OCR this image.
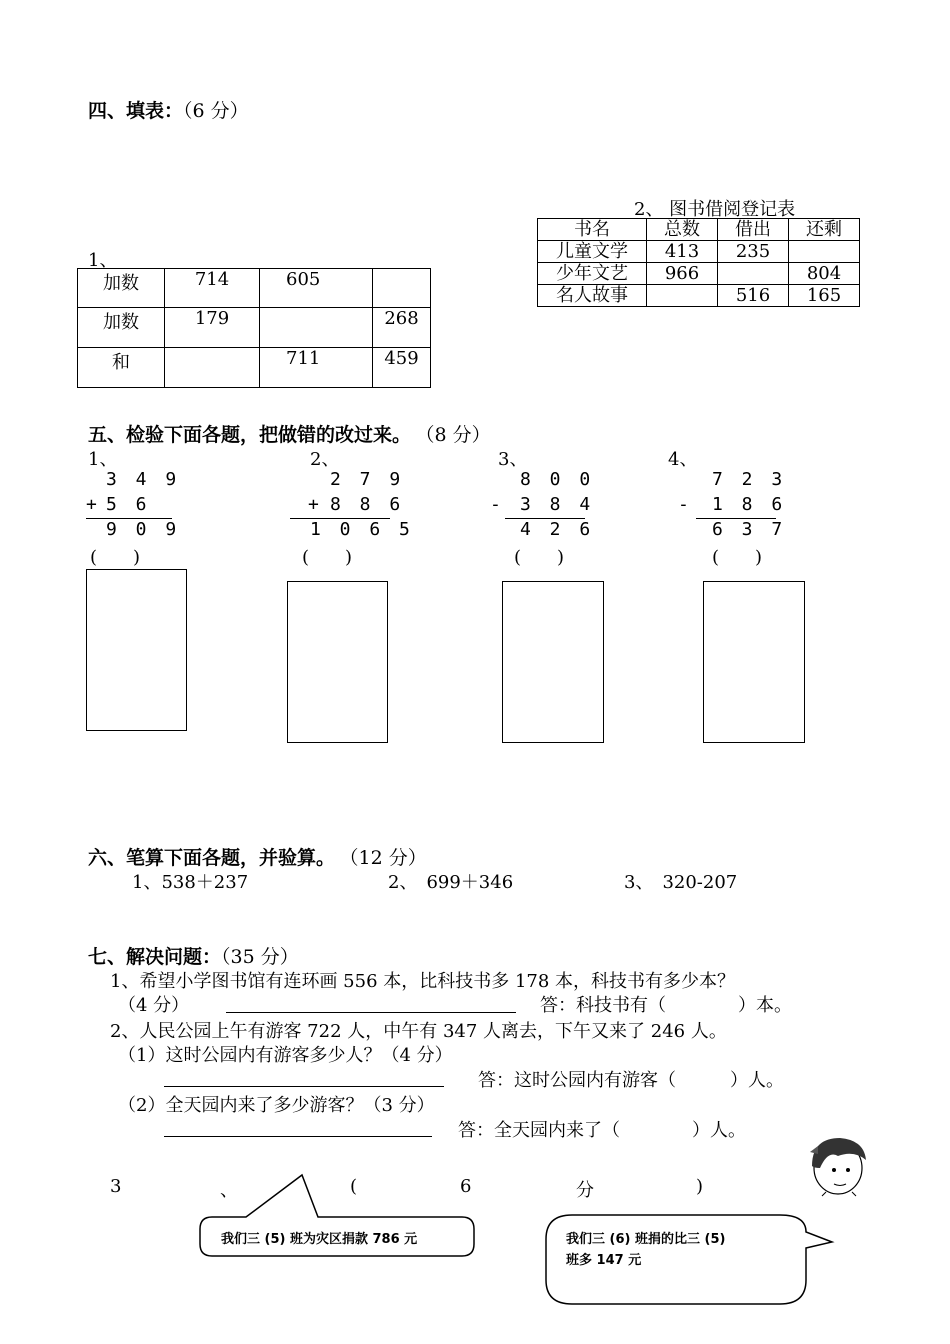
四、填表：（6 分）
1、
加数	714	605	
加数	179		268
和		711	459
2、 图书借阅登记表
书名	总数	借出	还剩
儿童文学	413	235	
少年文艺	966		804
名人故事		516	165
五、检验下面各题，把做错的改过来。 （8 分）
1、
3 4 9
+ 5 6
9 0 9
(　　)
2、
2 7 9
+ 8 8 6
1 0 6 5
(　　)
3、
8 0 0
- 3 8 4
4 2 6
(　　)
4、
7 2 3
- 1 8 6
6 3 7
(　　)
六、笔算下面各题，并验算。 （12 分）
1、538＋237	2、　699＋346	3、　320-207
七、解决问题：（35 分）
1、希望小学图书馆有连环画 556 本，比科技书多 178 本，科技书有多少本？
（4 分）	答：科技书有（　　　　）本。
2、人民公园上午有游客 722 人，中午有 347 人离去，下午又来了 246 人。
（1）这时公园内有游客多少人？（4 分）
答：这时公园内有游客（　　　）人。
（2）全天园内来了多少游客？（3 分）
答：全天园内来了（　　　　）人。
3	、	(	6	分	)
我们三 (5) 班为灾区捐款 786 元	我们三 (6) 班捐的比三 (5)
班多 147 元
